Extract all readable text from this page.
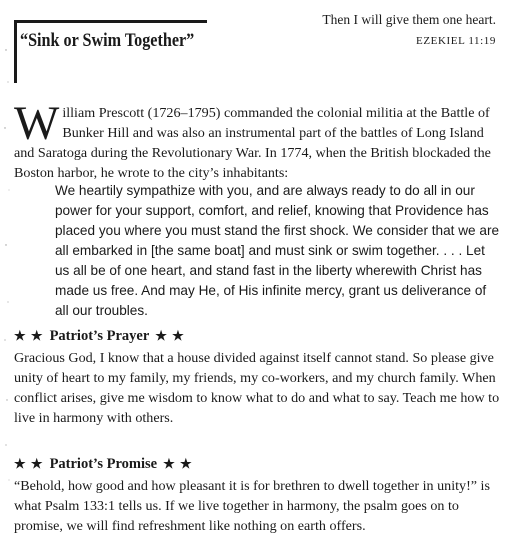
“Sink or Swim Together”
Then I will give them one heart.
EZEKIEL 11:19
William Prescott (1726–1795) commanded the colonial militia at the Battle of Bunker Hill and was also an instrumental part of the battles of Long Island and Saratoga during the Revolutionary War. In 1774, when the British blockaded the Boston harbor, he wrote to the city’s inhabitants:
We heartily sympathize with you, and are always ready to do all in our power for your support, comfort, and relief, knowing that Providence has placed you where you must stand the first shock. We consider that we are all embarked in [the same boat] and must sink or swim together. . . . Let us all be of one heart, and stand fast in the liberty wherewith Christ has made us free. And may He, of His infinite mercy, grant us deliverance of all our troubles.
★ ★ Patriot’s Prayer ★ ★
Gracious God, I know that a house divided against itself cannot stand. So please give unity of heart to my family, my friends, my co-workers, and my church family. When conflict arises, give me wisdom to know what to do and what to say. Teach me how to live in harmony with others.
★ ★ Patriot’s Promise ★ ★
“Behold, how good and how pleasant it is for brethren to dwell together in unity!” is what Psalm 133:1 tells us. If we live together in harmony, the psalm goes on to promise, we will find refreshment like nothing on earth offers.
